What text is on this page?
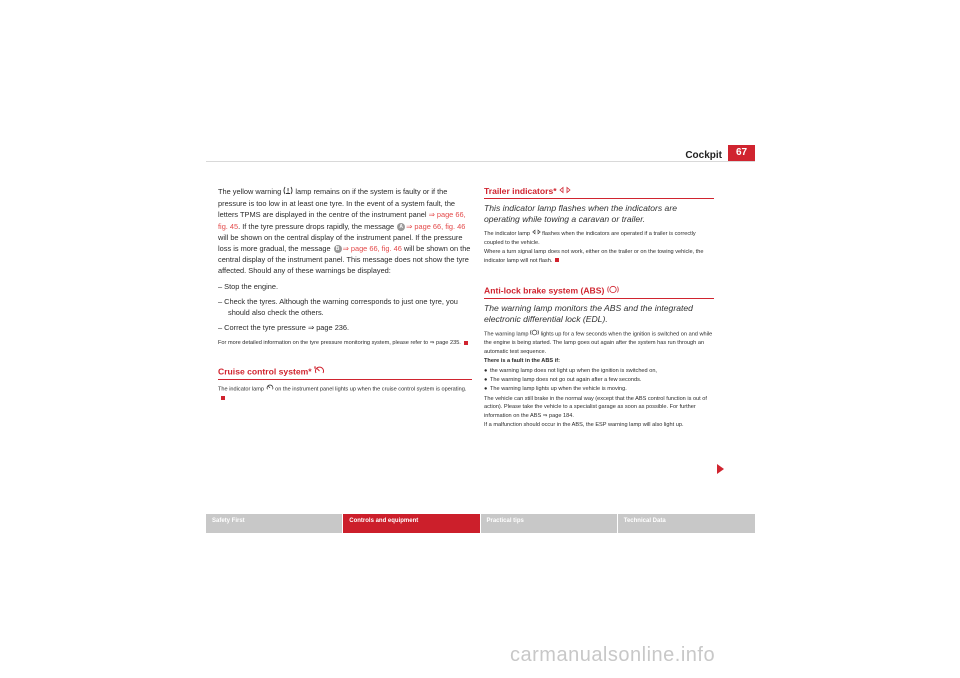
Cockpit	67

The yellow warning  lamp remains on if the system is faulty or if the pressure is too low in at least one tyre. In the event of a system fault, the letters TPMS are displayed in the centre of the instrument panel ⇒ page 66, fig. 45. If the tyre pressure drops rapidly, the message A ⇒ page 66, fig. 46 will be shown on the central display of the instrument panel. If the pressure loss is more gradual, the message B ⇒ page 66, fig. 46 will be shown on the central display of the instrument panel. This message does not show the tyre affected. Should any of these warnings be displayed:

– Stop the engine.

– Check the tyres. Although the warning corresponds to just one tyre, you should also check the others.

– Correct the tyre pressure ⇒ page 236.

For more detailed information on the tyre pressure monitoring system, please refer to ⇒ page 235.

Cruise control system*

The indicator lamp  on the instrument panel lights up when the cruise control system is operating.

Trailer indicators*

This indicator lamp flashes when the indicators are operating while towing a caravan or trailer.

The indicator lamp  flashes when the indicators are operated if a trailer is correctly coupled to the vehicle.

Where a turn signal lamp does not work, either on the trailer or on the towing vehicle, the indicator lamp will not flash.

Anti-lock brake system (ABS)

The warning lamp monitors the ABS and the integrated electronic differential lock (EDL).

The warning lamp  lights up for a few seconds when the ignition is switched on and while the engine is being started. The lamp goes out again after the system has run through an automatic test sequence.

There is a fault in the ABS if:

● the warning lamp does not light up when the ignition is switched on,
● The warning lamp does not go out again after a few seconds.
● The warning lamp lights up when the vehicle is moving.

The vehicle can still brake in the normal way (except that the ABS control function is out of action). Please take the vehicle to a specialist garage as soon as possible. For further information on the ABS ⇒ page 184.

If a malfunction should occur in the ABS, the ESP warning lamp will also light up.

Safety First	Controls and equipment	Practical tips	Technical Data
carmanualsonline.info
